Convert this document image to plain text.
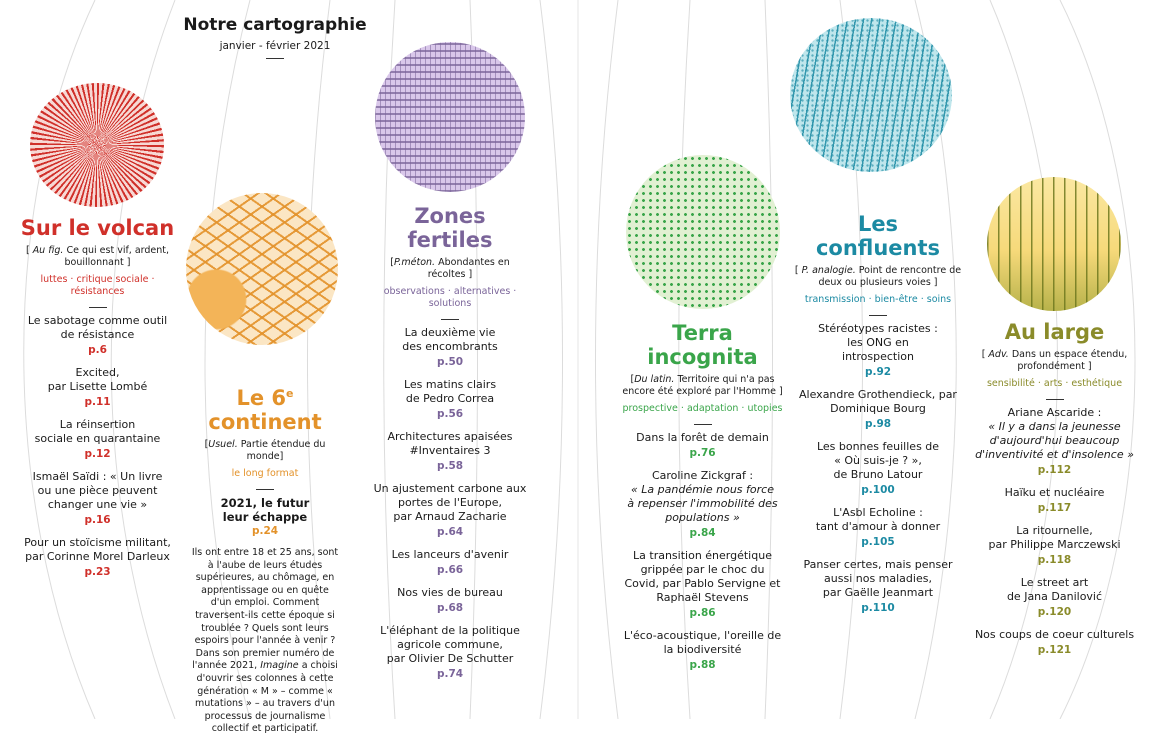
Notre cartographie
janvier - février 2021
Sur le volcan
[ Au fig. Ce qui est vif, ardent, bouillonnant ]
luttes · critique sociale · résistances
Le sabotage comme outil
de résistance
p.6
Excited,
par Lisette Lombé
p.11
La réinsertion
sociale en quarantaine
p.12
Ismaël Saïdi : « Un livre
ou une pièce peuvent
changer une vie »
p.16
Pour un stoïcisme militant,
par Corinne Morel Darleux
p.23
Le 6e continent
[Usuel. Partie étendue du monde]
le long format
2021, le futur
leur échappe
p.24
Ils ont entre 18 et 25 ans, sont à l'aube de leurs études supérieures, au chômage, en apprentissage ou en quête d'un emploi. Comment traversent-ils cette époque si troublée ? Quels sont leurs espoirs pour l'année à venir ? Dans son premier numéro de l'année 2021, Imagine a choisi d'ouvrir ses colonnes à cette génération « M » – comme « mutations » – au travers d'un processus de journalisme collectif et participatif.
Zones fertiles
[P.méton. Abondantes en récoltes ]
observations · alternatives · solutions
La deuxième vie
des encombrants
p.50
Les matins clairs
de Pedro Correa
p.56
Architectures apaisées
#Inventaires 3
p.58
Un ajustement carbone aux
portes de l'Europe,
par Arnaud Zacharie
p.64
Les lanceurs d'avenir
p.66
Nos vies de bureau
p.68
L'éléphant de la politique
agricole commune,
par Olivier De Schutter
p.74
Terra incognita
[Du latin. Territoire qui n'a pas encore été exploré par l'Homme ]
prospective · adaptation · utopies
Dans la forêt de demain
p.76
Caroline Zickgraf :
« La pandémie nous force
à repenser l'immobilité des
populations »
p.84
La transition énergétique
grippée par le choc du
Covid, par Pablo Servigne et
Raphaël Stevens
p.86
L'éco-acoustique, l'oreille de
la biodiversité
p.88
Les confluents
[ P. analogie. Point de rencontre de deux ou plusieurs voies ]
transmission · bien-être · soins
Stéréotypes racistes :
les ONG en
introspection
p.92
Alexandre Grothendieck, par
Dominique Bourg
p.98
Les bonnes feuilles de
« Où suis-je ? »,
de Bruno Latour
p.100
L'Asbl Echoline :
tant d'amour à donner
p.105
Panser certes, mais penser
aussi nos maladies,
par Gaëlle Jeanmart
p.110
Au large
[ Adv. Dans un espace étendu, profondément ]
sensibilité · arts · esthétique
Ariane Ascaride :
« Il y a dans la jeunesse
d'aujourd'hui beaucoup
d'inventivité et d'insolence »
p.112
Haïku et nucléaire
p.117
La ritournelle,
par Philippe Marczewski
p.118
Le street art
de Jana Danilović
p.120
Nos coups de coeur culturels
p.121
